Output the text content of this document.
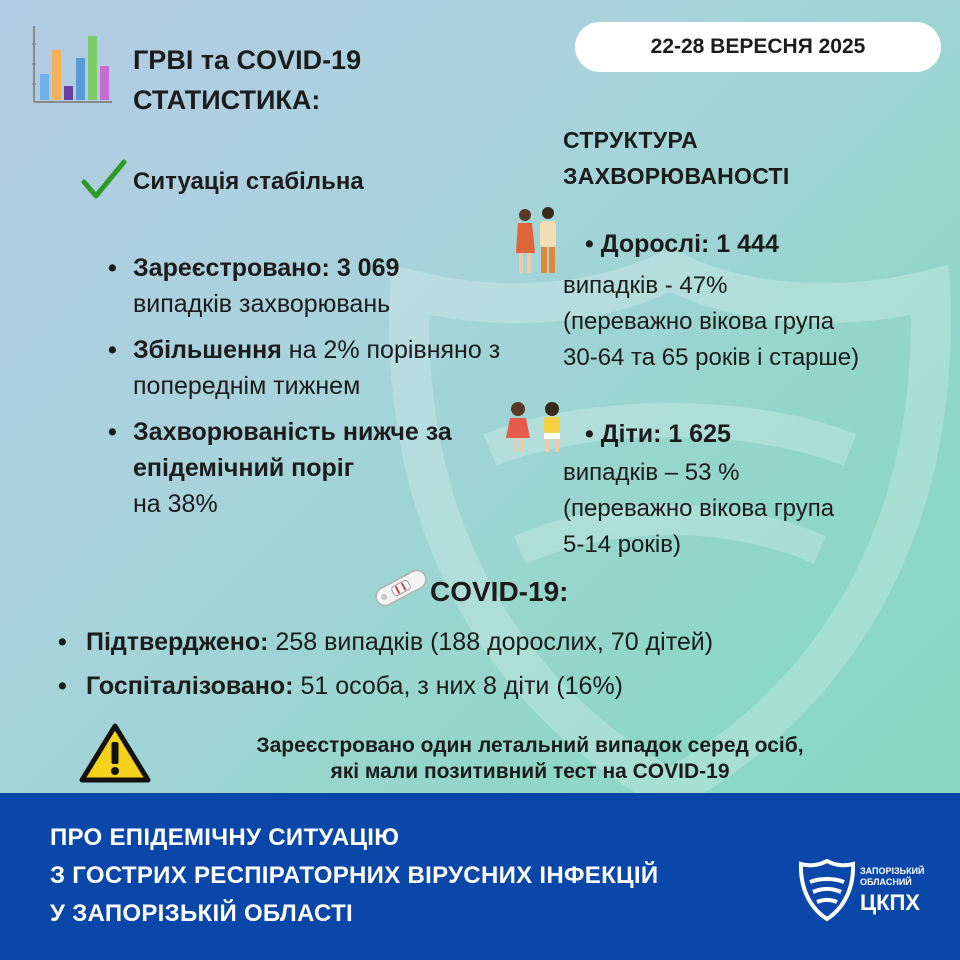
ГРВІ та COVID-19
СТАТИСТИКА:
22-28 ВЕРЕСНЯ 2025
Ситуація стабільна
• Зареєстровано: 3 069
випадків захворювань
• Збільшення на 2% порівняно з попереднім тижнем
• Захворюваність нижче за епідемічний поріг
на 38%
СТРУКТУРА
ЗАХВОРЮВАНОСТІ
• Дорослі: 1 444
випадків - 47%
(переважно вікова група
30-64 та 65 років і старше)
• Діти: 1 625
випадків – 53 %
(переважно вікова група
5-14 років)
COVID-19:
• Підтверджено: 258 випадків (188 дорослих, 70 дітей)
• Госпіталізовано: 51 особа, з них 8 діти (16%)
Зареєстровано один летальний випадок серед осіб,
які мали позитивний тест на COVID-19
ПРО ЕПІДЕМІЧНУ СИТУАЦІЮ
З ГОСТРИХ РЕСПІРАТОРНИХ ВІРУСНИХ ІНФЕКЦІЙ
У ЗАПОРІЗЬКІЙ ОБЛАСТІ
ЗАПОРІЗЬКИЙ
ОБЛАСНИЙ
ЦКПХ
